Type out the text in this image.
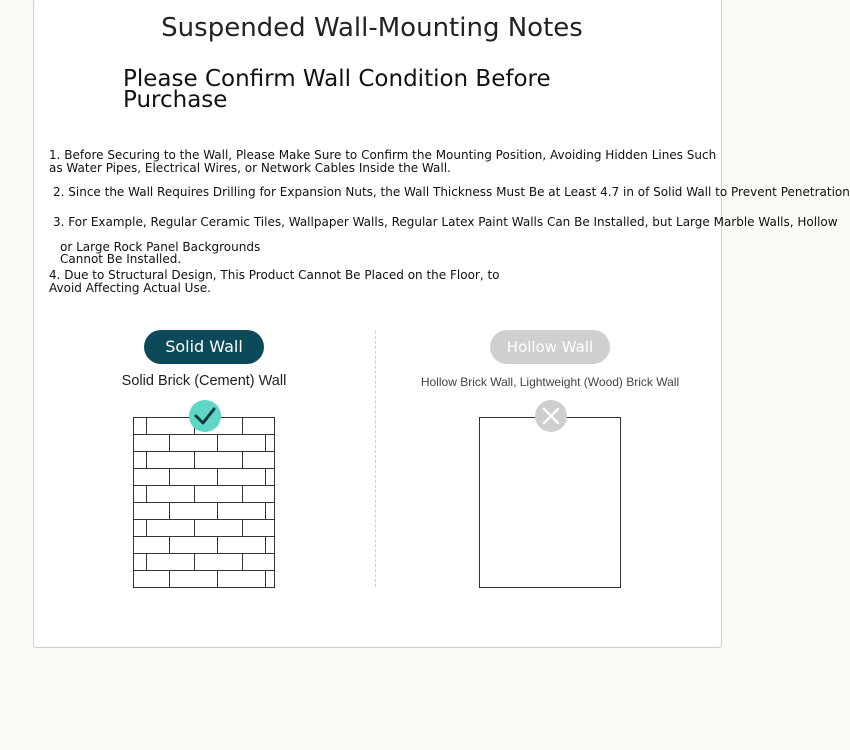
Suspended Wall-Mounting Notes
Please Confirm Wall Condition Before Purchase
1. Before Securing to the Wall, Please Make Sure to Confirm the Mounting Position, Avoiding Hidden Lines Such
as Water Pipes, Electrical Wires, or Network Cables Inside the Wall.
2. Since the Wall Requires Drilling for Expansion Nuts, the Wall Thickness Must Be at Least 4.7 in of Solid Wall to Prevent Penetration
3. For Example, Regular Ceramic Tiles, Wallpaper Walls, Regular Latex Paint Walls Can Be Installed, but Large Marble Walls, Hollow
or Large Rock Panel Backgrounds
Cannot Be Installed.
4. Due to Structural Design, This Product Cannot Be Placed on the Floor, to
Avoid Affecting Actual Use.
Solid Wall
Solid Brick (Cement) Wall
Hollow Wall
Hollow Brick Wall, Lightweight (Wood) Brick Wall
